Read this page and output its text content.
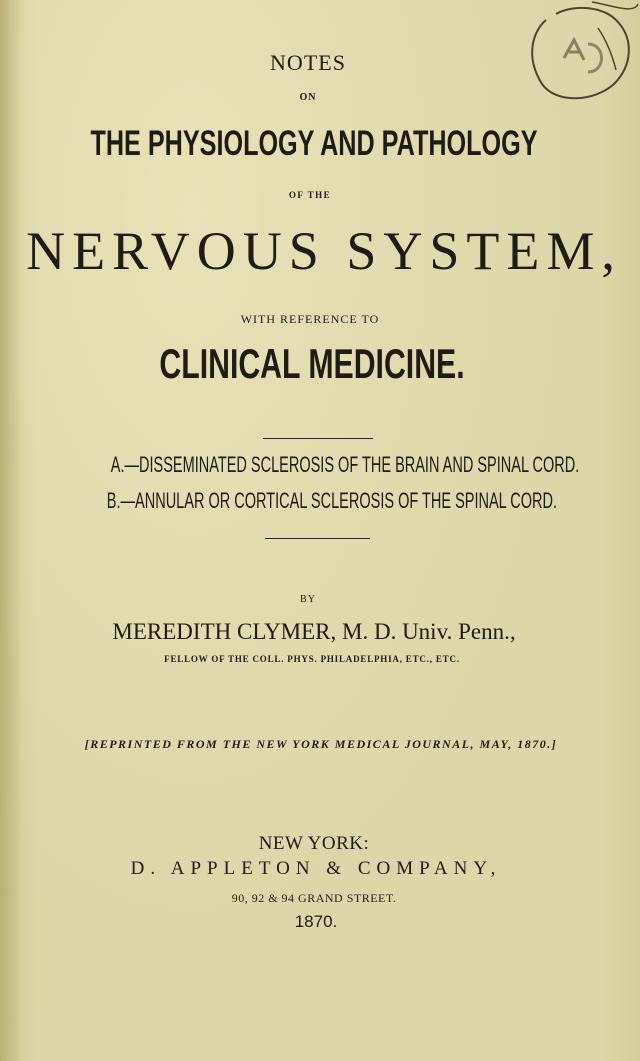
NOTES

ON

THE PHYSIOLOGY AND PATHOLOGY

OF THE

NERVOUS SYSTEM,

WITH REFERENCE TO

CLINICAL MEDICINE.

A.—DISSEMINATED SCLEROSIS OF THE BRAIN AND SPINAL CORD.

B.—ANNULAR OR CORTICAL SCLEROSIS OF THE SPINAL CORD.

BY

MEREDITH CLYMER, M. D. Univ. Penn.,

FELLOW OF THE COLL. PHYS. PHILADELPHIA, ETC., ETC.

[REPRINTED FROM THE NEW YORK MEDICAL JOURNAL, MAY, 1870.]

NEW YORK:

D. APPLETON & COMPANY,

90, 92 & 94 GRAND STREET.

1870.
